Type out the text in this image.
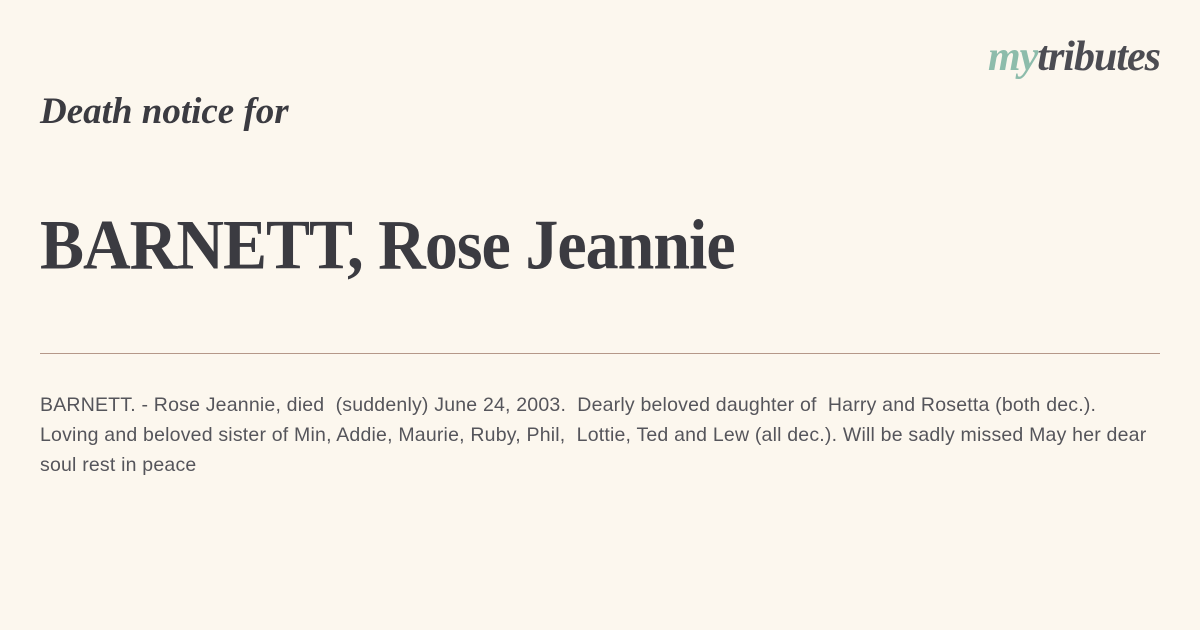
mytributes
Death notice for
BARNETT, Rose Jeannie

BARNETT. - Rose Jeannie, died  (suddenly) June 24, 2003.  Dearly beloved daughter of  Harry and Rosetta (both dec.).  Loving and beloved sister of Min, Addie, Maurie, Ruby, Phil,  Lottie, Ted and Lew (all dec.). Will be sadly missed May her dear soul rest in peace
